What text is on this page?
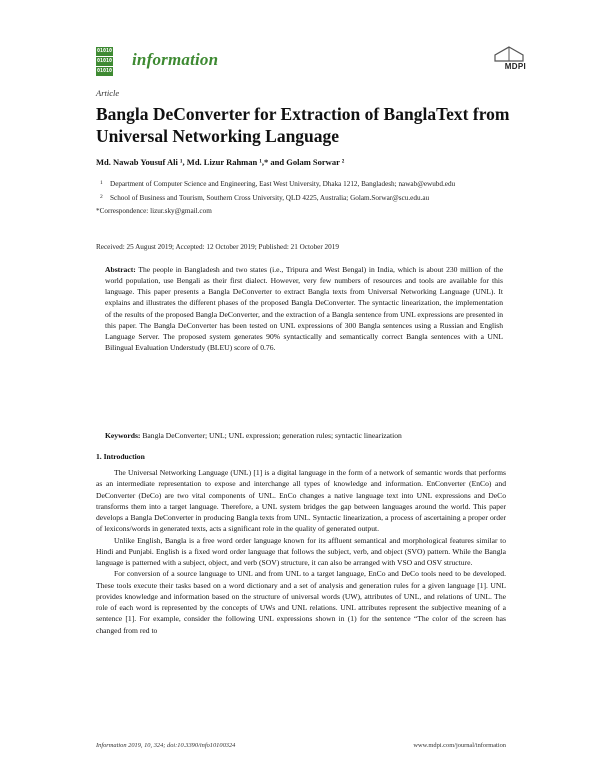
01010
01010
01010
information	MDPI
Article
Bangla DeConverter for Extraction of BanglaText from Universal Networking Language
Md. Nawab Yousuf Ali ¹, Md. Lizur Rahman ¹,* and Golam Sorwar ²
1 Department of Computer Science and Engineering, East West University, Dhaka 1212, Bangladesh; nawab@ewubd.edu
2 School of Business and Tourism, Southern Cross University, QLD 4225, Australia; Golam.Sorwar@scu.edu.au
*Correspondence: lizur.sky@gmail.com
Received: 25 August 2019; Accepted: 12 October 2019; Published: 21 October 2019

Abstract: The people in Bangladesh and two states (i.e., Tripura and West Bengal) in India, which is about 230 million of the world population, use Bengali as their first dialect. However, very few numbers of resources and tools are available for this language. This paper presents a Bangla DeConverter to extract Bangla texts from Universal Networking Language (UNL). It explains and illustrates the different phases of the proposed Bangla DeConverter. The syntactic linearization, the implementation of the results of the proposed Bangla DeConverter, and the extraction of a Bangla sentence from UNL expressions are presented in this paper. The Bangla DeConverter has been tested on UNL expressions of 300 Bangla sentences using a Russian and English Language Server. The proposed system generates 90% syntactically and semantically correct Bangla sentences with a UNL Bilingual Evaluation Understudy (BLEU) score of 0.76.

Keywords: Bangla DeConverter; UNL; UNL expression; generation rules; syntactic linearization
1. Introduction

The Universal Networking Language (UNL) [1] is a digital language in the form of a network of semantic words that performs as an intermediate representation to expose and interchange all types of knowledge and information. EnConverter (EnCo) and DeConverter (DeCo) are two vital components of UNL. EnCo changes a native language text into UNL expressions and DeCo transforms them into a target language. Therefore, a UNL system bridges the gap between languages around the world. This paper develops a Bangla DeConverter in producing Bangla texts from UNL. Syntactic linearization, a process of ascertaining a proper order of lexicons/words in generated texts, acts a significant role in the quality of generated output.

Unlike English, Bangla is a free word order language known for its affluent semantical and morphological features similar to Hindi and Punjabi. English is a fixed word order language that follows the subject, verb, and object (SVO) pattern. While the Bangla language is patterned with a subject, object, and verb (SOV) structure, it can also be arranged with VSO and OSV structure.

For conversion of a source language to UNL and from UNL to a target language, EnCo and DeCo tools need to be developed. These tools execute their tasks based on a word dictionary and a set of analysis and generation rules for a given language [1]. UNL provides knowledge and information based on the structure of universal words (UW), attributes of UNL, and relations of UNL. The role of each word is represented by the concepts of UWs and UNL relations. UNL attributes represent the subjective meaning of a sentence [1]. For example, consider the following UNL expressions shown in (1) for the sentence “The color of the screen has changed from red to

Information 2019, 10, 324; doi:10.3390/info10100324	www.mdpi.com/journal/information
